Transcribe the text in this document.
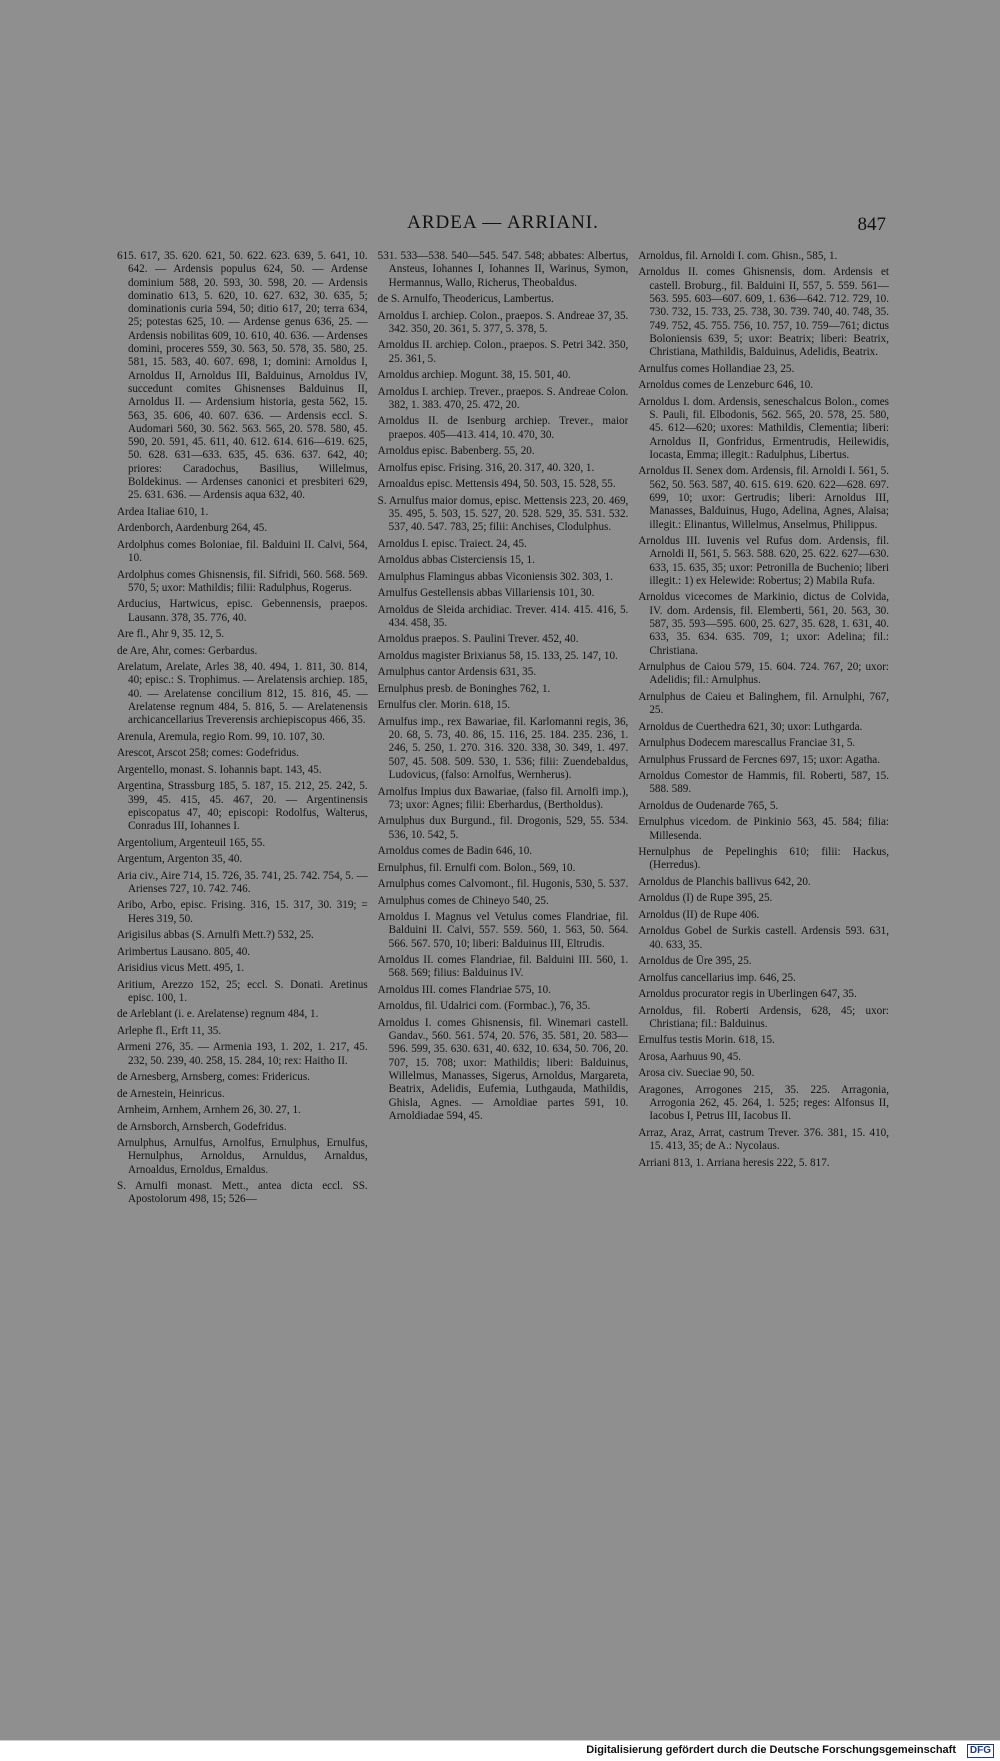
ARDEA — ARRIANI.	847

615. 617, 35. 620. 621, 50. 622. 623. 639, 5. 641, 10. 642. — Ardensis populus 624, 50. — Ardense dominium 588, 20. 593, 30. 598, 20. — Ardensis dominatio 613, 5. 620, 10. 627. 632, 30. 635, 5; dominationis curia 594, 50; ditio 617, 20; terra 634, 25; potestas 625, 10. — Ardense genus 636, 25. — Ardensis nobilitas 609, 10. 610, 40. 636. — Ardenses domini, proceres 559, 30. 563, 50. 578, 35. 580, 25. 581, 15. 583, 40. 607. 698, 1; domini: Arnoldus I, Arnoldus II, Arnoldus III, Balduinus, Arnoldus IV, succedunt comites Ghisnenses Balduinus II, Arnoldus II. — Ardensium historia, gesta 562, 15. 563, 35. 606, 40. 607. 636. — Ardensis eccl. S. Audomari 560, 30. 562. 563. 565, 20. 578. 580, 45. 590, 20. 591, 45. 611, 40. 612. 614. 616—619. 625, 50. 628. 631—633. 635, 45. 636. 637. 642, 40; priores: Caradochus, Basilius, Willelmus, Boldekinus. — Ardenses canonici et presbiteri 629, 25. 631. 636. — Ardensis aqua 632, 40.

Ardea Italiae 610, 1.

Ardenborch, Aardenburg 264, 45.

Ardolphus comes Boloniae, fil. Balduini II. Calvi, 564, 10.

Ardolphus comes Ghisnensis, fil. Sifridi, 560. 568. 569. 570, 5; uxor: Mathildis; filii: Radulphus, Rogerus.

Arducius, Hartwicus, episc. Gebennensis, praepos. Lausann. 378, 35. 776, 40.

Are fl., Ahr 9, 35. 12, 5.

de Are, Ahr, comes: Gerbardus.

Arelatum, Arelate, Arles 38, 40. 494, 1. 811, 30. 814, 40; episc.: S. Trophimus. — Arelatensis archiep. 185, 40. — Arelatense concilium 812, 15. 816, 45. — Arelatense regnum 484, 5. 816, 5. — Arelatenensis archicancellarius Treverensis archiepiscopus 466, 35.

Arenula, Aremula, regio Rom. 99, 10. 107, 30.

Arescot, Arscot 258; comes: Godefridus.

Argentello, monast. S. Iohannis bapt. 143, 45.

Argentina, Strassburg 185, 5. 187, 15. 212, 25. 242, 5. 399, 45. 415, 45. 467, 20. — Argentinensis episcopatus 47, 40; episcopi: Rodolfus, Walterus, Conradus III, Iohannes I.

Argentolium, Argenteuil 165, 55.

Argentum, Argenton 35, 40.

Aria civ., Aire 714, 15. 726, 35. 741, 25. 742. 754, 5. — Arienses 727, 10. 742. 746.

Aribo, Arbo, episc. Frising. 316, 15. 317, 30. 319; = Heres 319, 50.

Arigisilus abbas (S. Arnulfi Mett.?) 532, 25.

Arimbertus Lausano. 805, 40.

Arisidius vicus Mett. 495, 1.

Aritium, Arezzo 152, 25; eccl. S. Donati. Aretinus episc. 100, 1.

de Arleblant (i. e. Arelatense) regnum 484, 1.

Arlephe fl., Erft 11, 35.

Armeni 276, 35. — Armenia 193, 1. 202, 1. 217, 45. 232, 50. 239, 40. 258, 15. 284, 10; rex: Haitho II.

de Arnesberg, Arnsberg, comes: Fridericus.

de Arnestein, Heinricus.

Arnheim, Arnhem, Arnhem 26, 30. 27, 1.

de Arnsborch, Arnsberch, Godefridus.

Arnulphus, Arnulfus, Arnolfus, Ernulphus, Ernulfus, Hernulphus, Arnoldus, Arnuldus, Arnaldus, Arnoaldus, Ernoldus, Ernaldus.

S. Arnulfi monast. Mett., antea dicta eccl. SS. Apostolorum 498, 15; 526—

531. 533—538. 540—545. 547. 548; abbates: Albertus, Ansteus, Iohannes I, Iohannes II, Warinus, Symon, Hermannus, Wallo, Richerus, Theobaldus.

de S. Arnulfo, Theodericus, Lambertus.

Arnoldus I. archiep. Colon., praepos. S. Andreae 37, 35. 342. 350, 20. 361, 5. 377, 5. 378, 5.

Arnoldus II. archiep. Colon., praepos. S. Petri 342. 350, 25. 361, 5.

Arnoldus archiep. Mogunt. 38, 15. 501, 40.

Arnoldus I. archiep. Trever., praepos. S. Andreae Colon. 382, 1. 383. 470, 25. 472, 20.

Arnoldus II. de Isenburg archiep. Trever., maior praepos. 405—413. 414, 10. 470, 30.

Arnoldus episc. Babenberg. 55, 20.

Arnolfus episc. Frising. 316, 20. 317, 40. 320, 1.

Arnoaldus episc. Mettensis 494, 50. 503, 15. 528, 55.

S. Arnulfus maior domus, episc. Mettensis 223, 20. 469, 35. 495, 5. 503, 15. 527, 20. 528. 529, 35. 531. 532. 537, 40. 547. 783, 25; filii: Anchises, Clodulphus.

Arnoldus I. episc. Traiect. 24, 45.

Arnoldus abbas Cisterciensis 15, 1.

Arnulphus Flamingus abbas Viconiensis 302. 303, 1.

Arnulfus Gestellensis abbas Villariensis 101, 30.

Arnoldus de Sleida archidiac. Trever. 414. 415. 416, 5. 434. 458, 35.

Arnoldus praepos. S. Paulini Trever. 452, 40.

Arnoldus magister Brixianus 58, 15. 133, 25. 147, 10.

Arnulphus cantor Ardensis 631, 35.

Ernulphus presb. de Boninghes 762, 1.

Ernulfus cler. Morin. 618, 15.

Arnulfus imp., rex Bawariae, fil. Karlomanni regis, 36, 20. 68, 5. 73, 40. 86, 15. 116, 25. 184. 235. 236, 1. 246, 5. 250, 1. 270. 316. 320. 338, 30. 349, 1. 497. 507, 45. 508. 509. 530, 1. 536; filii: Zuendebaldus, Ludovicus, (falso: Arnolfus, Wernherus).

Arnolfus Impius dux Bawariae, (falso fil. Arnolfi imp.), 73; uxor: Agnes; filii: Eberhardus, (Bertholdus).

Arnulphus dux Burgund., fil. Drogonis, 529, 55. 534. 536, 10. 542, 5.

Arnoldus comes de Badin 646, 10.

Ernulphus, fil. Ernulfi com. Bolon., 569, 10.

Arnulphus comes Calvomont., fil. Hugonis, 530, 5. 537.

Arnulphus comes de Chineyo 540, 25.

Arnoldus I. Magnus vel Vetulus comes Flandriae, fil. Balduini II. Calvi, 557. 559. 560, 1. 563, 50. 564. 566. 567. 570, 10; liberi: Balduinus III, Eltrudis.

Arnoldus II. comes Flandriae, fil. Balduini III. 560, 1. 568. 569; filius: Balduinus IV.

Arnoldus III. comes Flandriae 575, 10.

Arnoldus, fil. Udalrici com. (Formbac.), 76, 35.

Arnoldus I. comes Ghisnensis, fil. Winemari castell. Gandav., 560. 561. 574, 20. 576, 35. 581, 20. 583—596. 599, 35. 630. 631, 40. 632, 10. 634, 50. 706, 20. 707, 15. 708; uxor: Mathildis; liberi: Balduinus, Willelmus, Manasses, Sigerus, Arnoldus, Margareta, Beatrix, Adelidis, Eufemia, Luthgauda, Mathildis, Ghisla, Agnes. — Arnoldiae partes 591, 10. Arnoldiadae 594, 45.

Arnoldus, fil. Arnoldi I. com. Ghisn., 585, 1.

Arnoldus II. comes Ghisnensis, dom. Ardensis et castell. Broburg., fil. Balduini II, 557, 5. 559. 561—563. 595. 603—607. 609, 1. 636—642. 712. 729, 10. 730. 732, 15. 733, 25. 738, 30. 739. 740, 40. 748, 35. 749. 752, 45. 755. 756, 10. 757, 10. 759—761; dictus Boloniensis 639, 5; uxor: Beatrix; liberi: Beatrix, Christiana, Mathildis, Balduinus, Adelidis, Beatrix.

Arnulfus comes Hollandiae 23, 25.

Arnoldus comes de Lenzeburc 646, 10.

Arnoldus I. dom. Ardensis, seneschalcus Bolon., comes S. Pauli, fil. Elbodonis, 562. 565, 20. 578, 25. 580, 45. 612—620; uxores: Mathildis, Clementia; liberi: Arnoldus II, Gonfridus, Ermentrudis, Heilewidis, Iocasta, Emma; illegit.: Radulphus, Libertus.

Arnoldus II. Senex dom. Ardensis, fil. Arnoldi I. 561, 5. 562, 50. 563. 587, 40. 615. 619. 620. 622—628. 697. 699, 10; uxor: Gertrudis; liberi: Arnoldus III, Manasses, Balduinus, Hugo, Adelina, Agnes, Alaisa; illegit.: Elinantus, Willelmus, Anselmus, Philippus.

Arnoldus III. Iuvenis vel Rufus dom. Ardensis, fil. Arnoldi II, 561, 5. 563. 588. 620, 25. 622. 627—630. 633, 15. 635, 35; uxor: Petronilla de Buchenio; liberi illegit.: 1) ex Helewide: Robertus; 2) Mabila Rufa.

Arnoldus vicecomes de Markinio, dictus de Colvida, IV. dom. Ardensis, fil. Elemberti, 561, 20. 563, 30. 587, 35. 593—595. 600, 25. 627, 35. 628, 1. 631, 40. 633, 35. 634. 635. 709, 1; uxor: Adelina; fil.: Christiana.

Arnulphus de Caiou 579, 15. 604. 724. 767, 20; uxor: Adelidis; fil.: Arnulphus.

Arnulphus de Caieu et Balinghem, fil. Arnulphi, 767, 25.

Arnoldus de Cuerthedra 621, 30; uxor: Luthgarda.

Arnulphus Dodecem marescallus Franciae 31, 5.

Arnulphus Frussard de Fercnes 697, 15; uxor: Agatha.

Arnoldus Comestor de Hammis, fil. Roberti, 587, 15. 588. 589.

Arnoldus de Oudenarde 765, 5.

Ernulphus vicedom. de Pinkinio 563, 45. 584; filia: Millesenda.

Hernulphus de Pepelinghis 610; filii: Hackus, (Herredus).

Arnoldus de Planchis ballivus 642, 20.

Arnoldus (I) de Rupe 395, 25.

Arnoldus (II) de Rupe 406.

Arnoldus Gobel de Surkis castell. Ardensis 593. 631, 40. 633, 35.

Arnoldus de Ūre 395, 25.

Arnolfus cancellarius imp. 646, 25.

Arnoldus procurator regis in Uberlingen 647, 35.

Arnoldus, fil. Roberti Ardensis, 628, 45; uxor: Christiana; fil.: Balduinus.

Ernulfus testis Morin. 618, 15.

Arosa, Aarhuus 90, 45.

Arosa civ. Sueciae 90, 50.

Aragones, Arrogones 215, 35. 225. Arragonia, Arrogonia 262, 45. 264, 1. 525; reges: Alfonsus II, Iacobus I, Petrus III, Iacobus II.

Arraz, Araz, Arrat, castrum Trever. 376. 381, 15. 410, 15. 413, 35; de A.: Nycolaus.

Arriani 813, 1. Arriana heresis 222, 5. 817.

Digitalisierung gefördert durch die Deutsche Forschungsgemeinschaft	DFG
